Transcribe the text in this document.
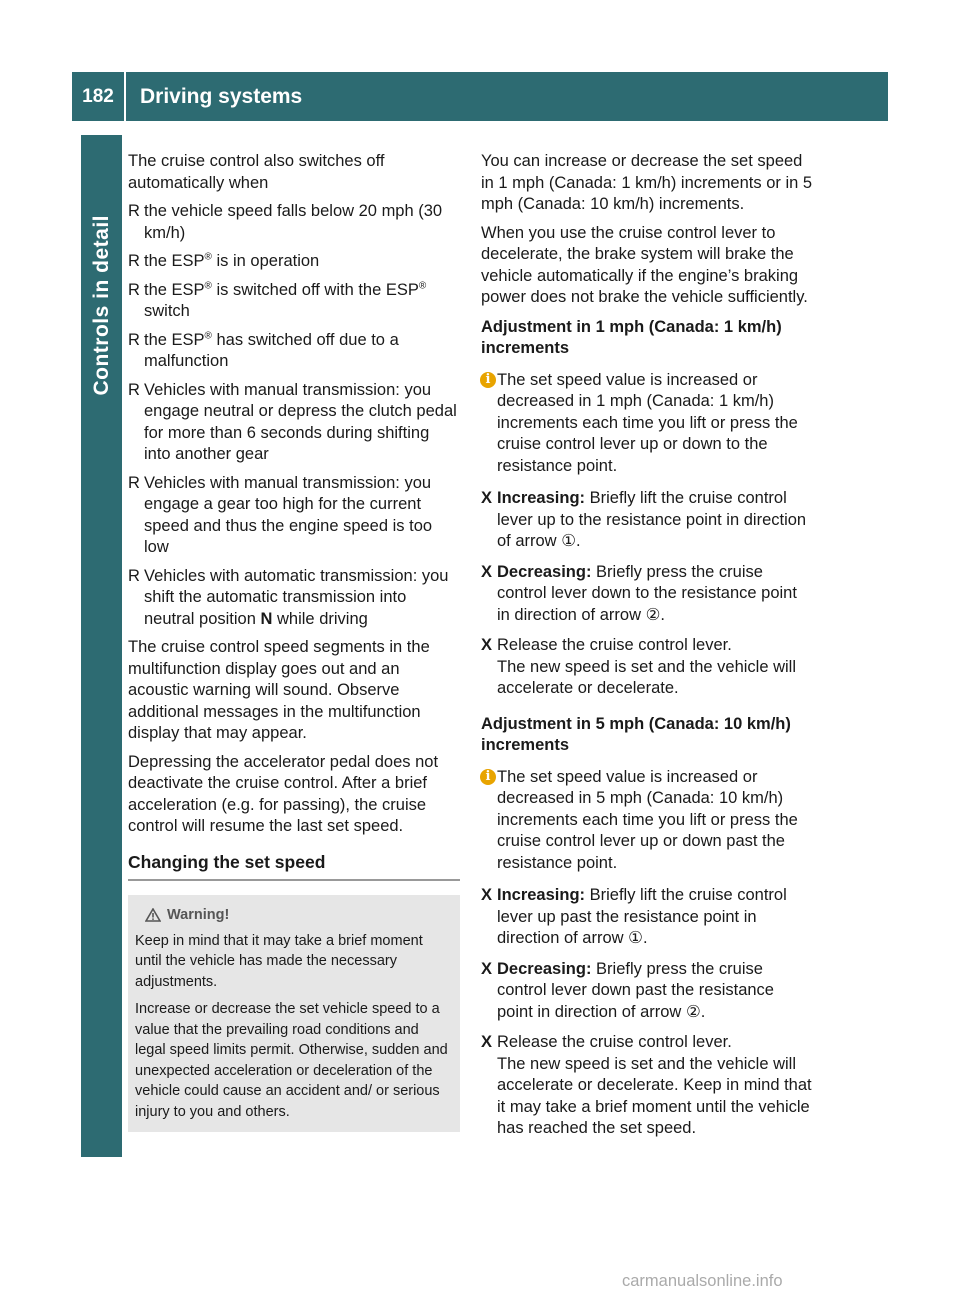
182	Driving systems
Controls in detail

The cruise control also switches off automatically when

R the vehicle speed falls below 20 mph (30 km/h)
R the ESP® is in operation
R the ESP® is switched off with the ESP® switch
R the ESP® has switched off due to a malfunction
R Vehicles with manual transmission: you engage neutral or depress the clutch pedal for more than 6 seconds during shifting into another gear
R Vehicles with manual transmission: you engage a gear too high for the current speed and thus the engine speed is too low
R Vehicles with automatic transmission: you shift the automatic transmission into neutral position N while driving

The cruise control speed segments in the multifunction display goes out and an acoustic warning will sound. Observe additional messages in the multifunction display that may appear.

Depressing the accelerator pedal does not deactivate the cruise control. After a brief acceleration (e.g. for passing), the cruise control will resume the last set speed.

Changing the set speed
Warning!

Keep in mind that it may take a brief moment until the vehicle has made the necessary adjustments.

Increase or decrease the set vehicle speed to a value that the prevailing road conditions and legal speed limits permit. Otherwise, sudden and unexpected acceleration or deceleration of the vehicle could cause an accident and/ or serious injury to you and others.

You can increase or decrease the set speed in 1 mph (Canada: 1 km/h) increments or in 5 mph (Canada: 10 km/h) increments.

When you use the cruise control lever to decelerate, the brake system will brake the vehicle automatically if the engine’s braking power does not brake the vehicle sufficiently.

Adjustment in 1 mph (Canada: 1 km/h) increments
i The set speed value is increased or decreased in 1 mph (Canada: 1 km/h) increments each time you lift or press the cruise control lever up or down to the resistance point.
X Increasing: Briefly lift the cruise control lever up to the resistance point in direction of arrow ①.
X Decreasing: Briefly press the cruise control lever down to the resistance point in direction of arrow ②.
X Release the cruise control lever.
The new speed is set and the vehicle will accelerate or decelerate.
Adjustment in 5 mph (Canada: 10 km/h) increments
i The set speed value is increased or decreased in 5 mph (Canada: 10 km/h) increments each time you lift or press the cruise control lever up or down past the resistance point.
X Increasing: Briefly lift the cruise control lever up past the resistance point in direction of arrow ①.
X Decreasing: Briefly press the cruise control lever down past the resistance point in direction of arrow ②.
X Release the cruise control lever.
The new speed is set and the vehicle will accelerate or decelerate. Keep in mind that it may take a brief moment until the vehicle has reached the set speed.
carmanualsonline.info
